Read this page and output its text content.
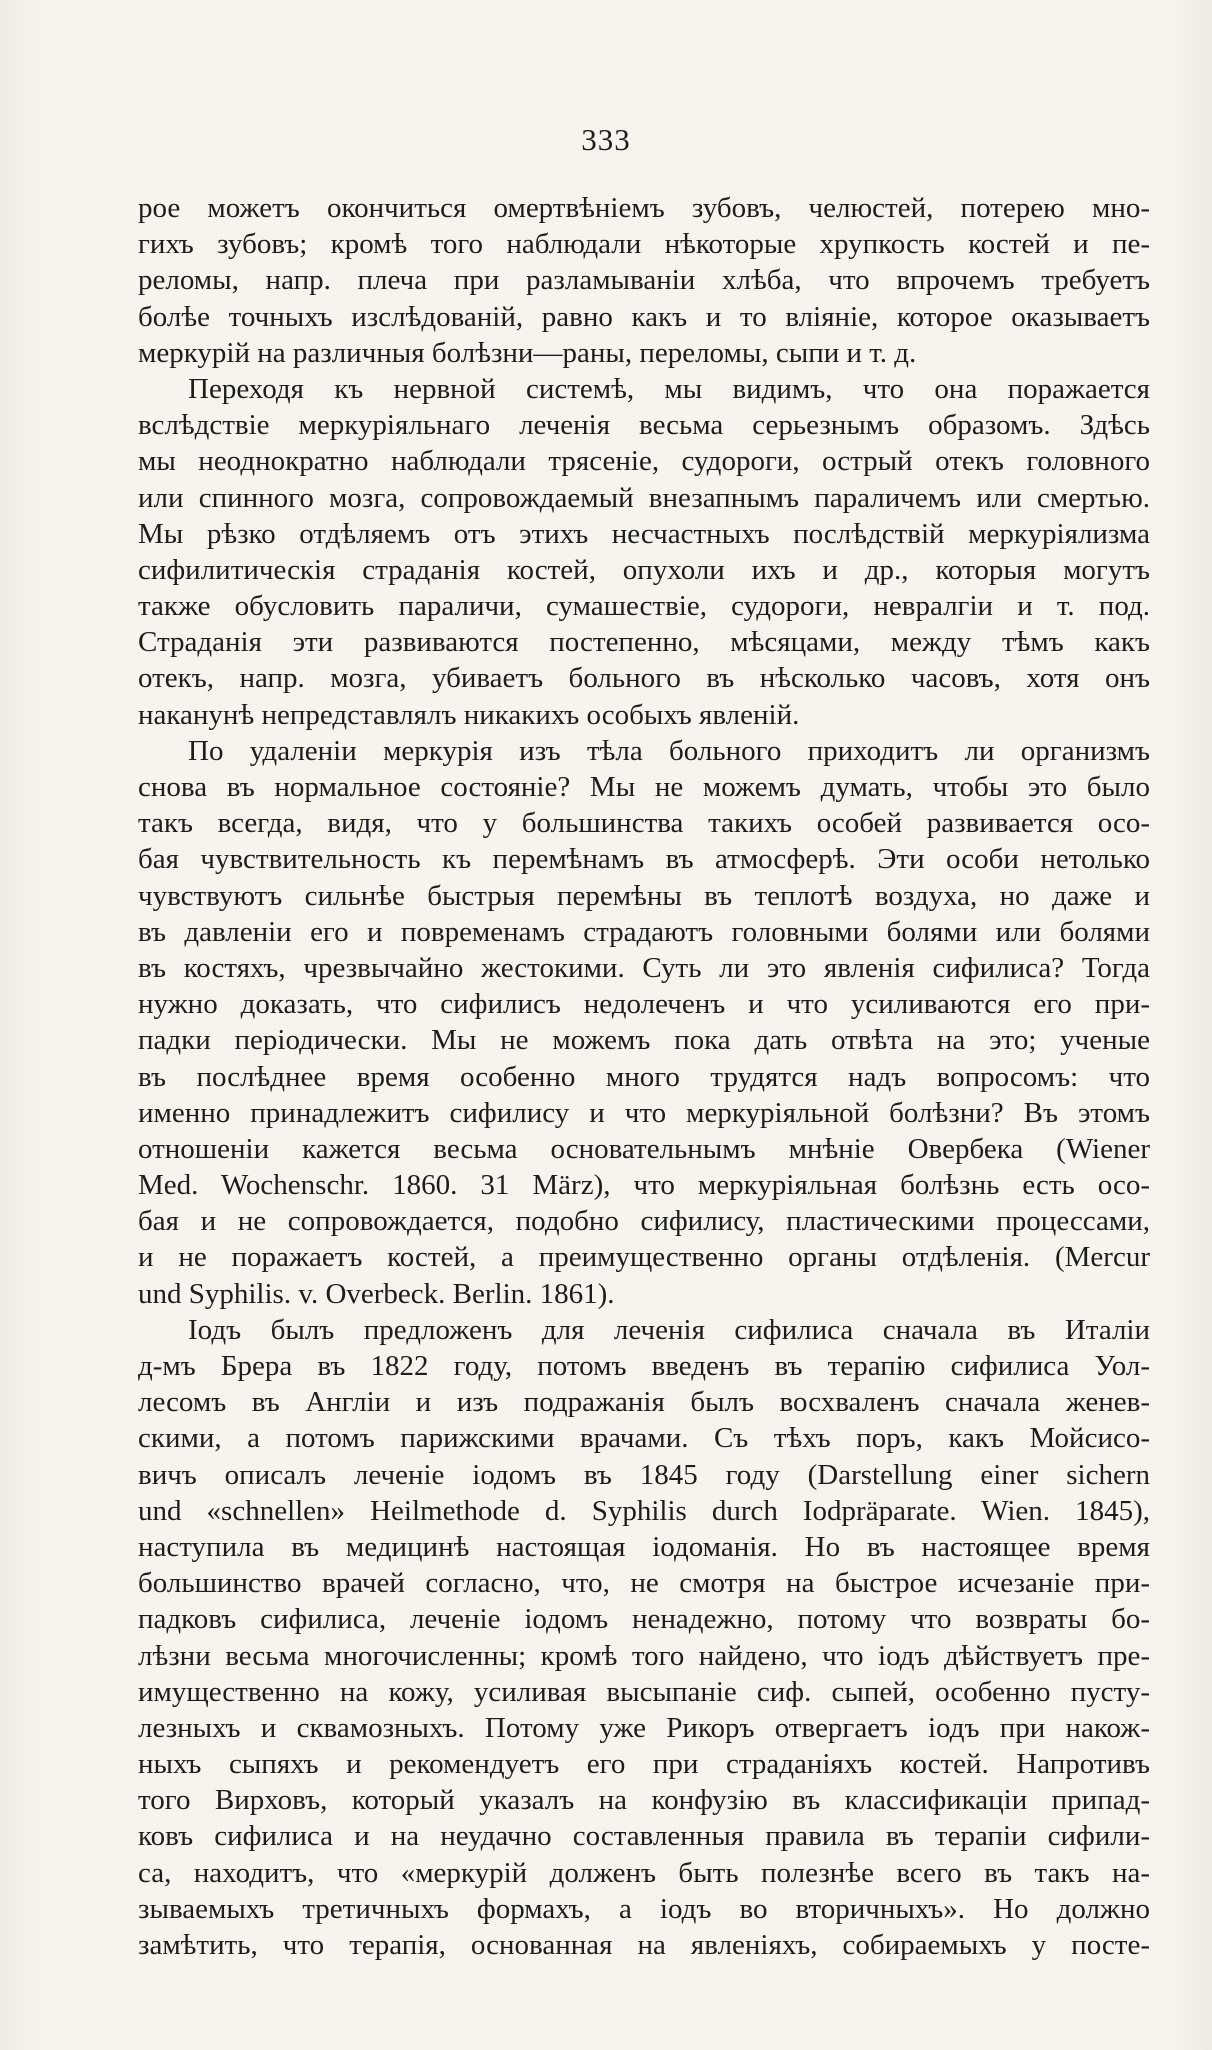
333
рое можетъ окончиться омертвѣніемъ зубовъ, челюстей, потерею мно-
гихъ зубовъ; кромѣ того наблюдали нѣкоторые хрупкость костей и пе-
реломы, напр. плеча при разламываніи хлѣба, что впрочемъ требуетъ
болѣе точныхъ изслѣдованій, равно какъ и то вліяніе, которое оказываетъ
меркурій на различныя болѣзни—раны, переломы, сыпи и т. д.
Переходя къ нервной системѣ, мы видимъ, что она поражается
вслѣдствіе меркуріяльнаго леченія весьма серьезнымъ образомъ. Здѣсь
мы неоднократно наблюдали трясеніе, судороги, острый отекъ головного
или спинного мозга, сопровождаемый внезапнымъ параличемъ или смертью.
Мы рѣзко отдѣляемъ отъ этихъ несчастныхъ послѣдствій меркуріялизма
сифилитическія страданія костей, опухоли ихъ и др., которыя могутъ
также обусловить параличи, сумашествіе, судороги, невралгіи и т. под.
Страданія эти развиваются постепенно, мѣсяцами, между тѣмъ какъ
отекъ, напр. мозга, убиваетъ больного въ нѣсколько часовъ, хотя онъ
наканунѣ непредставлялъ никакихъ особыхъ явленій.
По удаленіи меркурія изъ тѣла больного приходитъ ли организмъ
снова въ нормальное состояніе? Мы не можемъ думать, чтобы это было
такъ всегда, видя, что у большинства такихъ особей развивается осо-
бая чувствительность къ перемѣнамъ въ атмосферѣ. Эти особи нетолько
чувствуютъ сильнѣе быстрыя перемѣны въ теплотѣ воздуха, но даже и
въ давленіи его и повременамъ страдаютъ головными болями или болями
въ костяхъ, чрезвычайно жестокими. Суть ли это явленія сифилиса? Тогда
нужно доказать, что сифилисъ недолеченъ и что усиливаются его при-
падки періодически. Мы не можемъ пока дать отвѣта на это; ученые
въ послѣднее время особенно много трудятся надъ вопросомъ: что
именно принадлежитъ сифилису и что меркуріяльной болѣзни? Въ этомъ
отношеніи кажется весьма основательнымъ мнѣніе Овербека (Wiener
Med. Wochenschr. 1860. 31 März), что меркуріяльная болѣзнь есть осо-
бая и не сопровождается, подобно сифилису, пластическими процессами,
и не поражаетъ костей, а преимущественно органы отдѣленія. (Mercur
und Syphilis. v. Overbeck. Berlin. 1861).
Іодъ былъ предложенъ для леченія сифилиса сначала въ Италіи
д-мъ Брера въ 1822 году, потомъ введенъ въ терапію сифилиса Уол-
лесомъ въ Англіи и изъ подражанія былъ восхваленъ сначала женев-
скими, а потомъ парижскими врачами. Съ тѣхъ поръ, какъ Мойсисо-
вичъ описалъ леченіе іодомъ въ 1845 году (Darstellung einer sichern
und «schnellen» Heilmethode d. Syphilis durch Iodpräparate. Wien. 1845),
наступила въ медицинѣ настоящая іодоманія. Но въ настоящее время
большинство врачей согласно, что, не смотря на быстрое исчезаніе при-
падковъ сифилиса, леченіе іодомъ ненадежно, потому что возвраты бо-
лѣзни весьма многочисленны; кромѣ того найдено, что іодъ дѣйствуетъ пре-
имущественно на кожу, усиливая высыпаніе сиф. сыпей, особенно пусту-
лезныхъ и сквамозныхъ. Потому уже Рикоръ отвергаетъ іодъ при накож-
ныхъ сыпяхъ и рекомендуетъ его при страданіяхъ костей. Напротивъ
того Вирховъ, который указалъ на конфузію въ классификаціи припад-
ковъ сифилиса и на неудачно составленныя правила въ терапіи сифили-
са, находитъ, что «меркурій долженъ быть полезнѣе всего въ такъ на-
зываемыхъ третичныхъ формахъ, а іодъ во вторичныхъ». Но должно
замѣтить, что терапія, основанная на явленіяхъ, собираемыхъ у посте-
